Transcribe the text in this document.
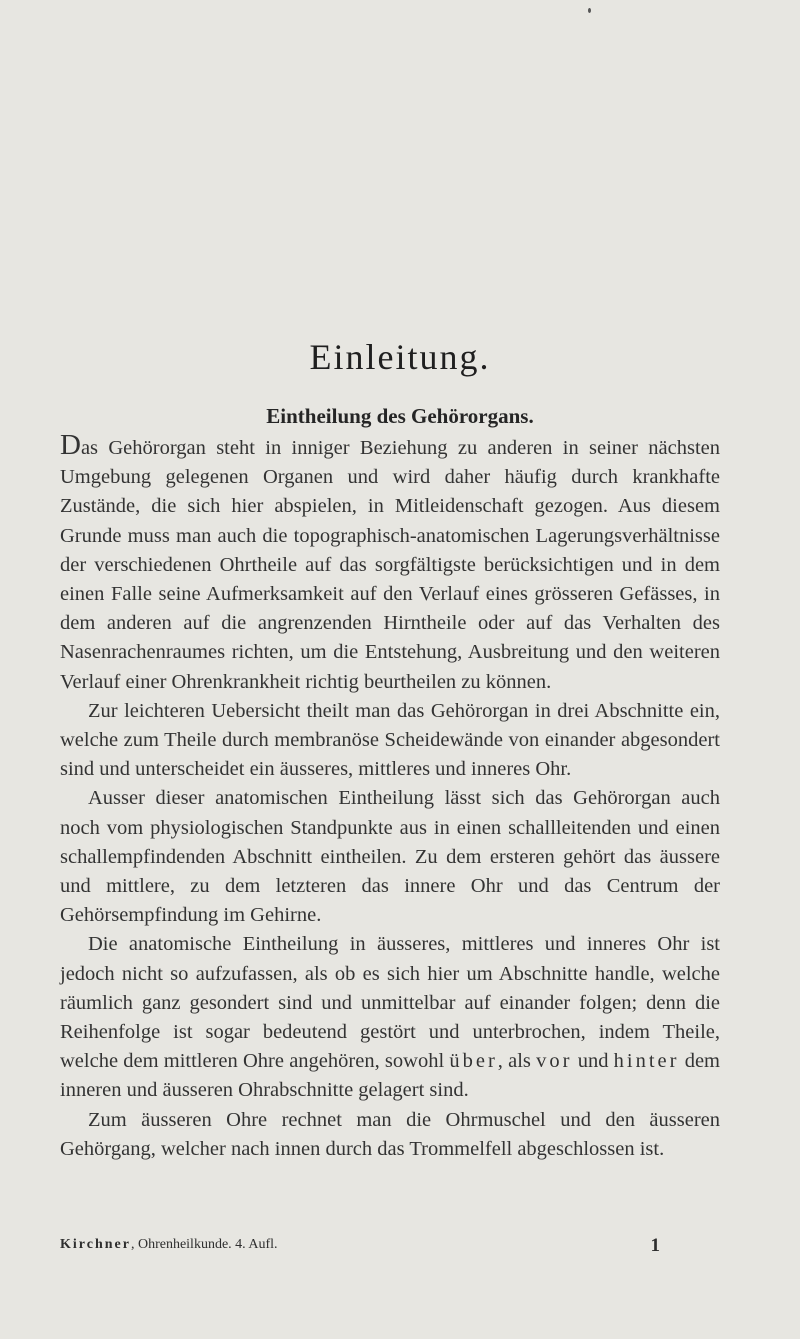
Einleitung.
Eintheilung des Gehörorgans.

Das Gehörorgan steht in inniger Beziehung zu anderen in seiner nächsten Umgebung gelegenen Organen und wird daher häufig durch krankhafte Zustände, die sich hier abspielen, in Mitleidenschaft gezogen. Aus diesem Grunde muss man auch die topographisch-anatomischen Lagerungsverhältnisse der verschiedenen Ohrtheile auf das sorgfältigste berücksichtigen und in dem einen Falle seine Aufmerksamkeit auf den Verlauf eines grösseren Gefässes, in dem anderen auf die angrenzenden Hirntheile oder auf das Verhalten des Nasenrachenraumes richten, um die Entstehung, Ausbreitung und den weiteren Verlauf einer Ohrenkrankheit richtig beurtheilen zu können.

Zur leichteren Uebersicht theilt man das Gehörorgan in drei Abschnitte ein, welche zum Theile durch membranöse Scheidewände von einander abgesondert sind und unterscheidet ein äusseres, mittleres und inneres Ohr.

Ausser dieser anatomischen Eintheilung lässt sich das Gehörorgan auch noch vom physiologischen Standpunkte aus in einen schallleitenden und einen schallempfindenden Abschnitt eintheilen. Zu dem ersteren gehört das äussere und mittlere, zu dem letzteren das innere Ohr und das Centrum der Gehörsempfindung im Gehirne.

Die anatomische Eintheilung in äusseres, mittleres und inneres Ohr ist jedoch nicht so aufzufassen, als ob es sich hier um Abschnitte handle, welche räumlich ganz gesondert sind und unmittelbar auf einander folgen; denn die Reihenfolge ist sogar bedeutend gestört und unterbrochen, indem Theile, welche dem mittleren Ohre angehören, sowohl über, als vor und hinter dem inneren und äusseren Ohrabschnitte gelagert sind.

Zum äusseren Ohre rechnet man die Ohrmuschel und den äusseren Gehörgang, welcher nach innen durch das Trommelfell abgeschlossen ist.

Kirchner, Ohrenheilkunde. 4. Aufl.	1
